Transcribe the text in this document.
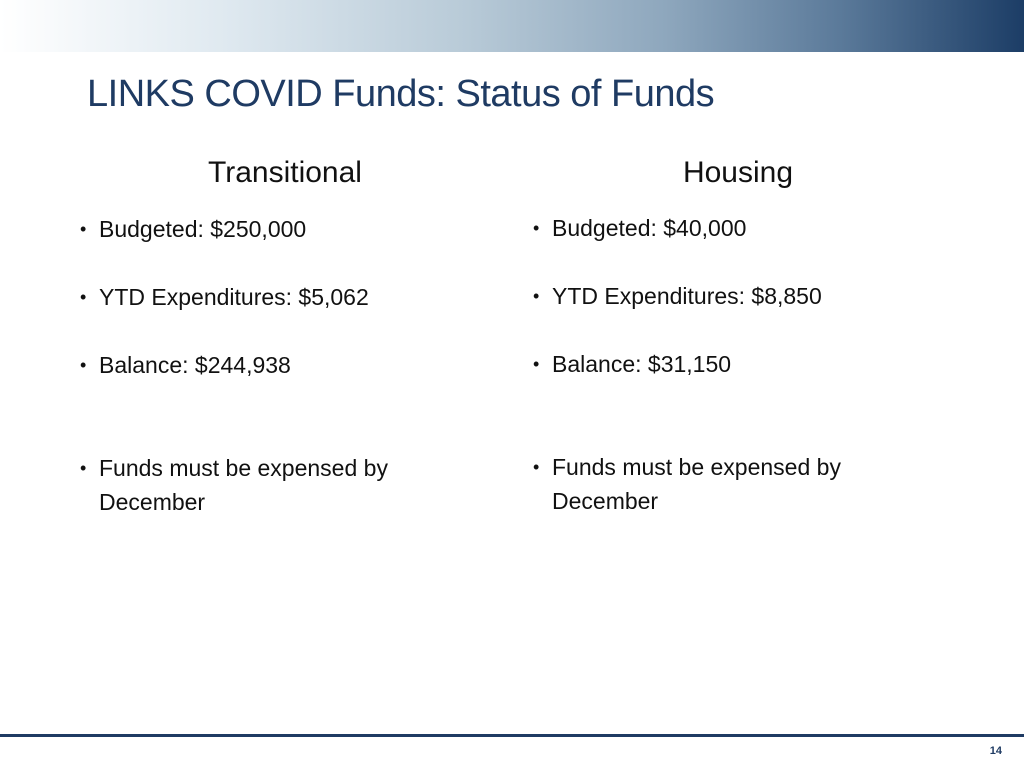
LINKS COVID Funds: Status of Funds
Transitional	Housing
• Budgeted: $250,000
• YTD Expenditures: $5,062
• Balance: $244,938
• Funds must be expensed by December
• Budgeted: $40,000
• YTD Expenditures: $8,850
• Balance: $31,150
• Funds must be expensed by December
14
